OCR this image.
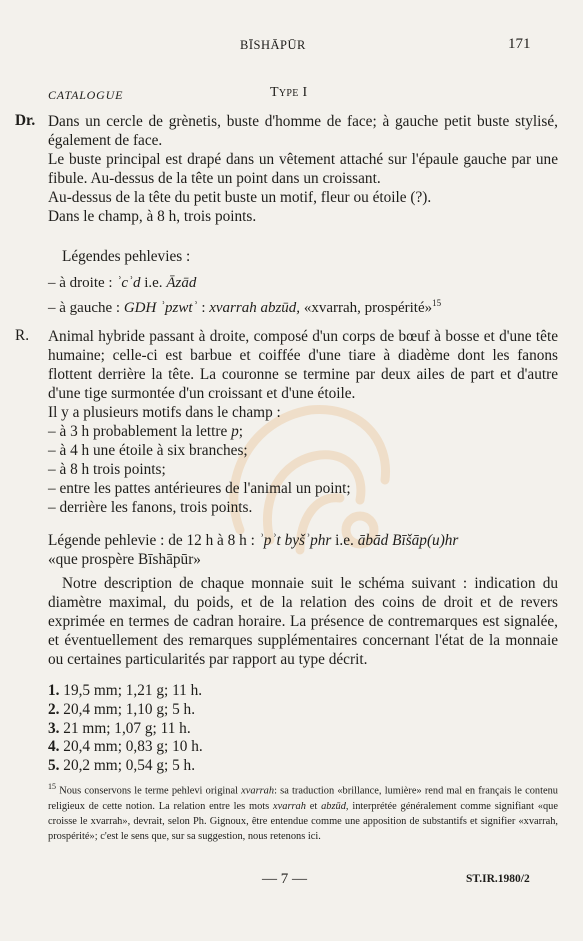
BĪSHĀPŪR	171
CATALOGUE	Type I
Dr. Dans un cercle de grènetis, buste d'homme de face; à gauche petit buste stylisé, également de face.

Le buste principal est drapé dans un vêtement attaché sur l'épaule gauche par une fibule. Au-dessus de la tête un point dans un croissant.

Au-dessus de la tête du petit buste un motif, fleur ou étoile (?).

Dans le champ, à 8 h, trois points.

Légendes pehlevies :
– à droite : ʾcʾd i.e. Āzād
– à gauche : GDH ʾpzwtʾ : xvarrah abzūd, «xvarrah, prospérité»$^{15}$
R. Animal hybride passant à droite, composé d'un corps de bœuf à bosse et d'une tête humaine; celle-ci est barbue et coiffée d'une tiare à diadème dont les fanons flottent derrière la tête. La couronne se termine par deux ailes de part et d'autre d'une tige surmontée d'un croissant et d'une étoile.

Il y a plusieurs motifs dans le champ :

– à 3 h probablement la lettre p;
– à 4 h une étoile à six branches;
– à 8 h trois points;
– entre les pattes antérieures de l'animal un point;
– derrière les fanons, trois points.

Légende pehlevie : de 12 h à 8 h : ʾpʾt byšʾphr i.e. ābād Bīšāp(u)hr

«que prospère Bīshāpūr»

Notre description de chaque monnaie suit le schéma suivant : indication du diamètre maximal, du poids, et de la relation des coins de droit et de revers exprimée en termes de cadran horaire. La présence de contremarques est signalée, et éventuellement des remarques supplémentaires concernant l'état de la monnaie ou certaines particularités par rapport au type décrit.

1. 19,5 mm; 1,21 g; 11 h.
2. 20,4 mm; 1,10 g; 5 h.
3. 21 mm; 1,07 g; 11 h.
4. 20,4 mm; 0,83 g; 10 h.
5. 20,2 mm; 0,54 g; 5 h.
$^{15}$ Nous conservons le terme pehlevi original xvarrah: sa traduction «brillance, lumière» rend mal en français le contenu religieux de cette notion. La relation entre les mots xvarrah et abzūd, interprétée généralement comme signifiant «que croisse le xvarrah», devrait, selon Ph. Gignoux, être entendue comme une apposition de substantifs et signifier «xvarrah, prospérité»; c'est le sens que, sur sa suggestion, nous retenons ici.
— 7 —	ST.IR.1980/2
